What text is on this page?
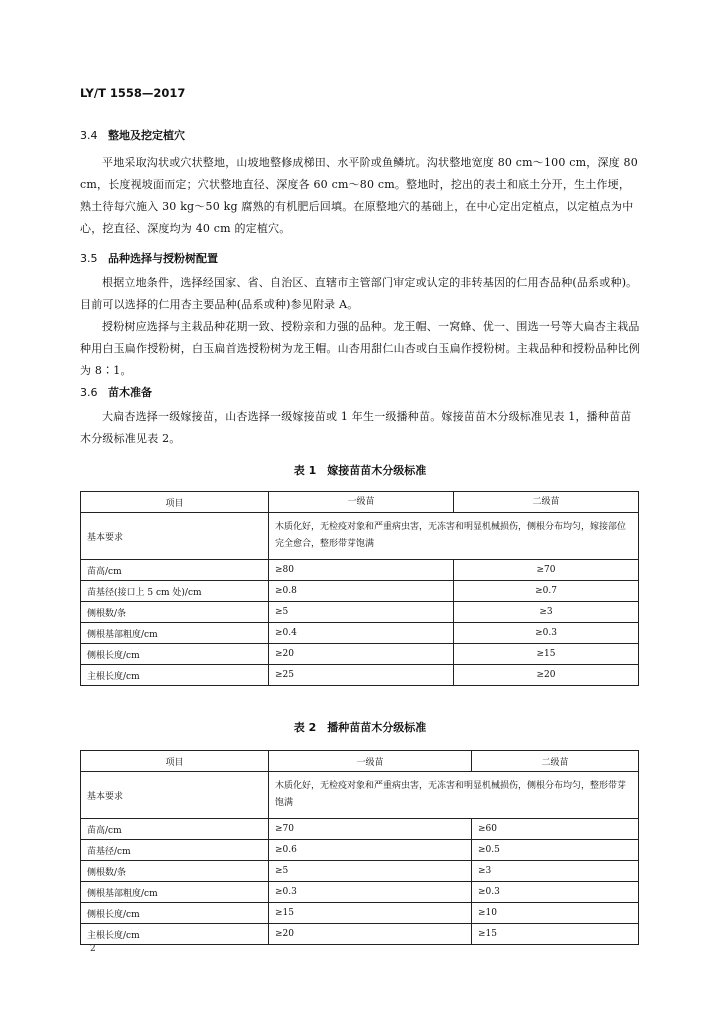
LY/T 1558—2017
3.4 整地及挖定植穴
平地采取沟状或穴状整地，山坡地整修成梯田、水平阶或鱼鳞坑。沟状整地宽度 80 cm～100 cm，深度 80 cm，长度视坡面而定；穴状整地直径、深度各 60 cm～80 cm。整地时，挖出的表土和底土分开，生土作埂，熟土待每穴施入 30 kg～50 kg 腐熟的有机肥后回填。在原整地穴的基础上，在中心定出定植点，以定植点为中心，挖直径、深度均为 40 cm 的定植穴。
3.5 品种选择与授粉树配置
根据立地条件，选择经国家、省、自治区、直辖市主管部门审定或认定的非转基因的仁用杏品种(品系或种)。目前可以选择的仁用杏主要品种(品系或种)参见附录 A。
授粉树应选择与主栽品种花期一致、授粉亲和力强的品种。龙王帽、一窝蜂、优一、围选一号等大扁杏主栽品种用白玉扁作授粉树，白玉扁首选授粉树为龙王帽。山杏用甜仁山杏或白玉扁作授粉树。主栽品种和授粉品种比例为 8∶1。
3.6 苗木准备
大扁杏选择一级嫁接苗，山杏选择一级嫁接苗或 1 年生一级播种苗。嫁接苗苗木分级标准见表 1，播种苗苗木分级标准见表 2。
表 1　嫁接苗苗木分级标准
项目	一级苗 二级苗	

基本要求	木质化好，无检疫对象和严重病虫害，无冻害和明显机械损伤，侧根分布均匀，嫁接部位完全愈合，整形带芽饱满	
苗高/cm	≥80	≥70
苗基径(接口上 5 cm 处)/cm	≥0.8	≥0.7
侧根数/条	≥5	≥3
侧根基部粗度/cm	≥0.4	≥0.3
侧根长度/cm	≥20	≥15
主根长度/cm	≥25	≥20
表 2　播种苗苗木分级标准
项目	一级苗	二级苗
基本要求	木质化好，无检疫对象和严重病虫害，无冻害和明显机械损伤，侧根分布均匀，整形带芽饱满	
苗高/cm	≥70	≥60
苗基径/cm	≥0.6	≥0.5
侧根数/条	≥5	≥3
侧根基部粗度/cm	≥0.3	≥0.3
侧根长度/cm	≥15	≥10
主根长度/cm	≥20	≥15
2
